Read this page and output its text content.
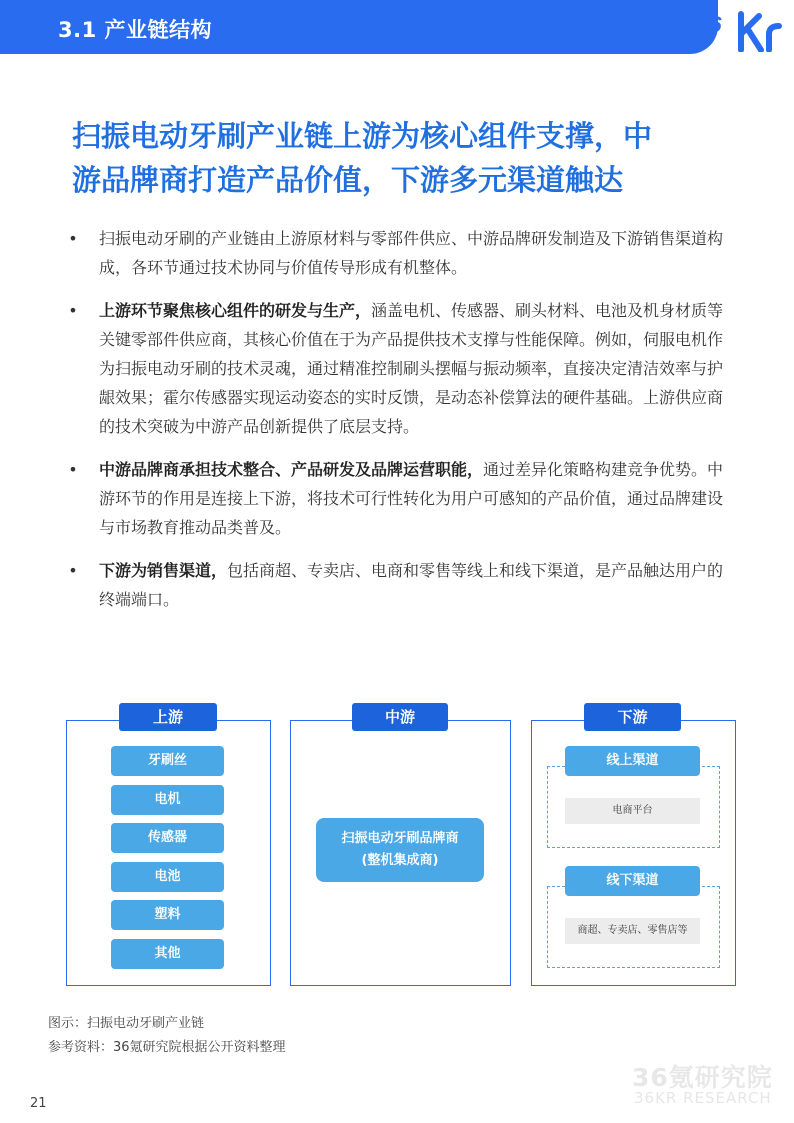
3.1 产业链结构	36
扫振电动牙刷产业链上游为核心组件支撑，中
游品牌商打造产品价值，下游多元渠道触达
• 扫振电动牙刷的产业链由上游原材料与零部件供应、中游品牌研发制造及下游销售渠道构成，各环节通过技术协同与价值传导形成有机整体。
• 上游环节聚焦核心组件的研发与生产，涵盖电机、传感器、刷头材料、电池及机身材质等关键零部件供应商，其核心价值在于为产品提供技术支撑与性能保障。例如，伺服电机作为扫振电动牙刷的技术灵魂，通过精准控制刷头摆幅与振动频率，直接决定清洁效率与护龈效果；霍尔传感器实现运动姿态的实时反馈，是动态补偿算法的硬件基础。上游供应商的技术突破为中游产品创新提供了底层支持。
• 中游品牌商承担技术整合、产品研发及品牌运营职能，通过差异化策略构建竞争优势。中游环节的作用是连接上下游，将技术可行性转化为用户可感知的产品价值，通过品牌建设与市场教育推动品类普及。
• 下游为销售渠道，包括商超、专卖店、电商和零售等线上和线下渠道，是产品触达用户的终端端口。
上游
牙刷丝
电机
传感器
电池
塑料
其他
中游
扫振电动牙刷品牌商
(整机集成商)
下游
线上渠道
电商平台
线下渠道
商超、专卖店、零售店等
图示：扫振电动牙刷产业链
参考资料：36氪研究院根据公开资料整理
21
36氪研究院
36KR RESEARCH
